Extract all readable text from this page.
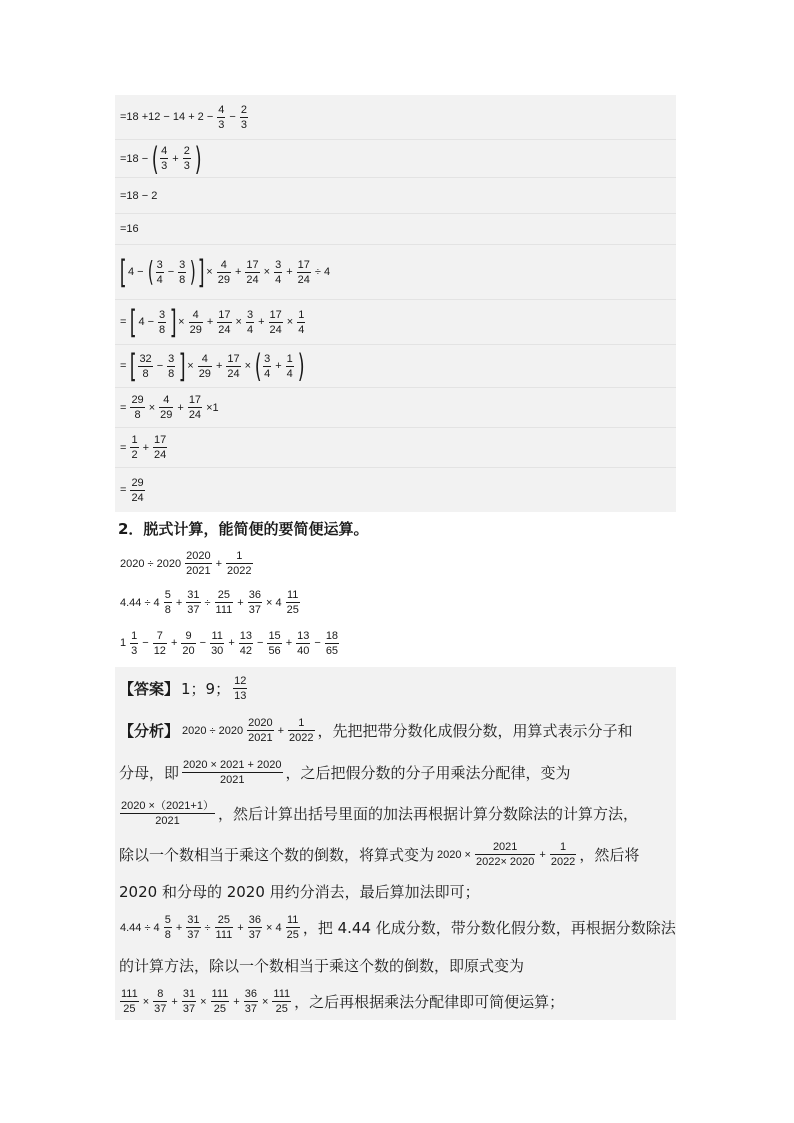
$=18 +12 - 14 + 2 - \frac{4}{3} - \frac{2}{3}$
=18 − ( $\frac{4}{3} + \frac{2}{3}$ )
=18 − 2
=16
[ 4 − ( $\frac{3}{4} - \frac{3}{8}$ ) ] × $\frac{4}{29} + \frac{17}{24} \times \frac{3}{4} + \frac{17}{24} \div 4$
= [ $4 - \frac{3}{8}$ ] × $\frac{4}{29} + \frac{17}{24} \times \frac{3}{4} + \frac{17}{24} \times \frac{1}{4}$
= [ $\frac{32}{8} - \frac{3}{8}$ ] × $\frac{4}{29} + \frac{17}{24}$ × ( $\frac{3}{4} + \frac{1}{4}$ )
= $\frac{29}{8} \times \frac{4}{29} + \frac{17}{24} \times 1$
= $\frac{1}{2} + \frac{17}{24}$
= $\frac{29}{24}$
2．脱式计算，能简便的要简便运算。
$2020 \div 2020 \frac{2020}{2021} + \frac{1}{2022}$
$4.44 \div 4 \frac{5}{8} + \frac{31}{37} \div \frac{25}{111} + \frac{36}{37} \times 4 \frac{11}{25}$
$1 \frac{1}{3} - \frac{7}{12} + \frac{9}{20} - \frac{11}{30} + \frac{13}{42} - \frac{15}{56} + \frac{13}{40} - \frac{18}{65}$
【答案】 1；9； $\frac{12}{13}$
【分析】 $2020 \div 2020 \frac{2020}{2021} + \frac{1}{2022}$ ，先把把带分数化成假分数，用算式表示分子和
分母，即 $\frac{2020 \times 2021 + 2020}{2021}$ ，之后把假分数的分子用乘法分配律，变为
$\frac{2020 \times(2021+1)}{2021}$ ，然后计算出括号里面的加法再根据计算分数除法的计算方法，
除以一个数相当于乘这个数的倒数，将算式变为 $2020 \times \frac{2021}{2022\times 2020} + \frac{1}{2022}$ ，然后将
2020 和分母的 2020 用约分消去，最后算加法即可；
$4.44 \div 4 \frac{5}{8} + \frac{31}{37} \div \frac{25}{111} + \frac{36}{37} \times 4 \frac{11}{25}$ ，把 4.44 化成分数，带分数化假分数，再根据分数除法
的计算方法，除以一个数相当于乘这个数的倒数，即原式变为
$\frac{111}{25} \times \frac{8}{37} + \frac{31}{37} \times \frac{111}{25} + \frac{36}{37} \times \frac{111}{25}$ ，之后再根据乘法分配律即可简便运算；
